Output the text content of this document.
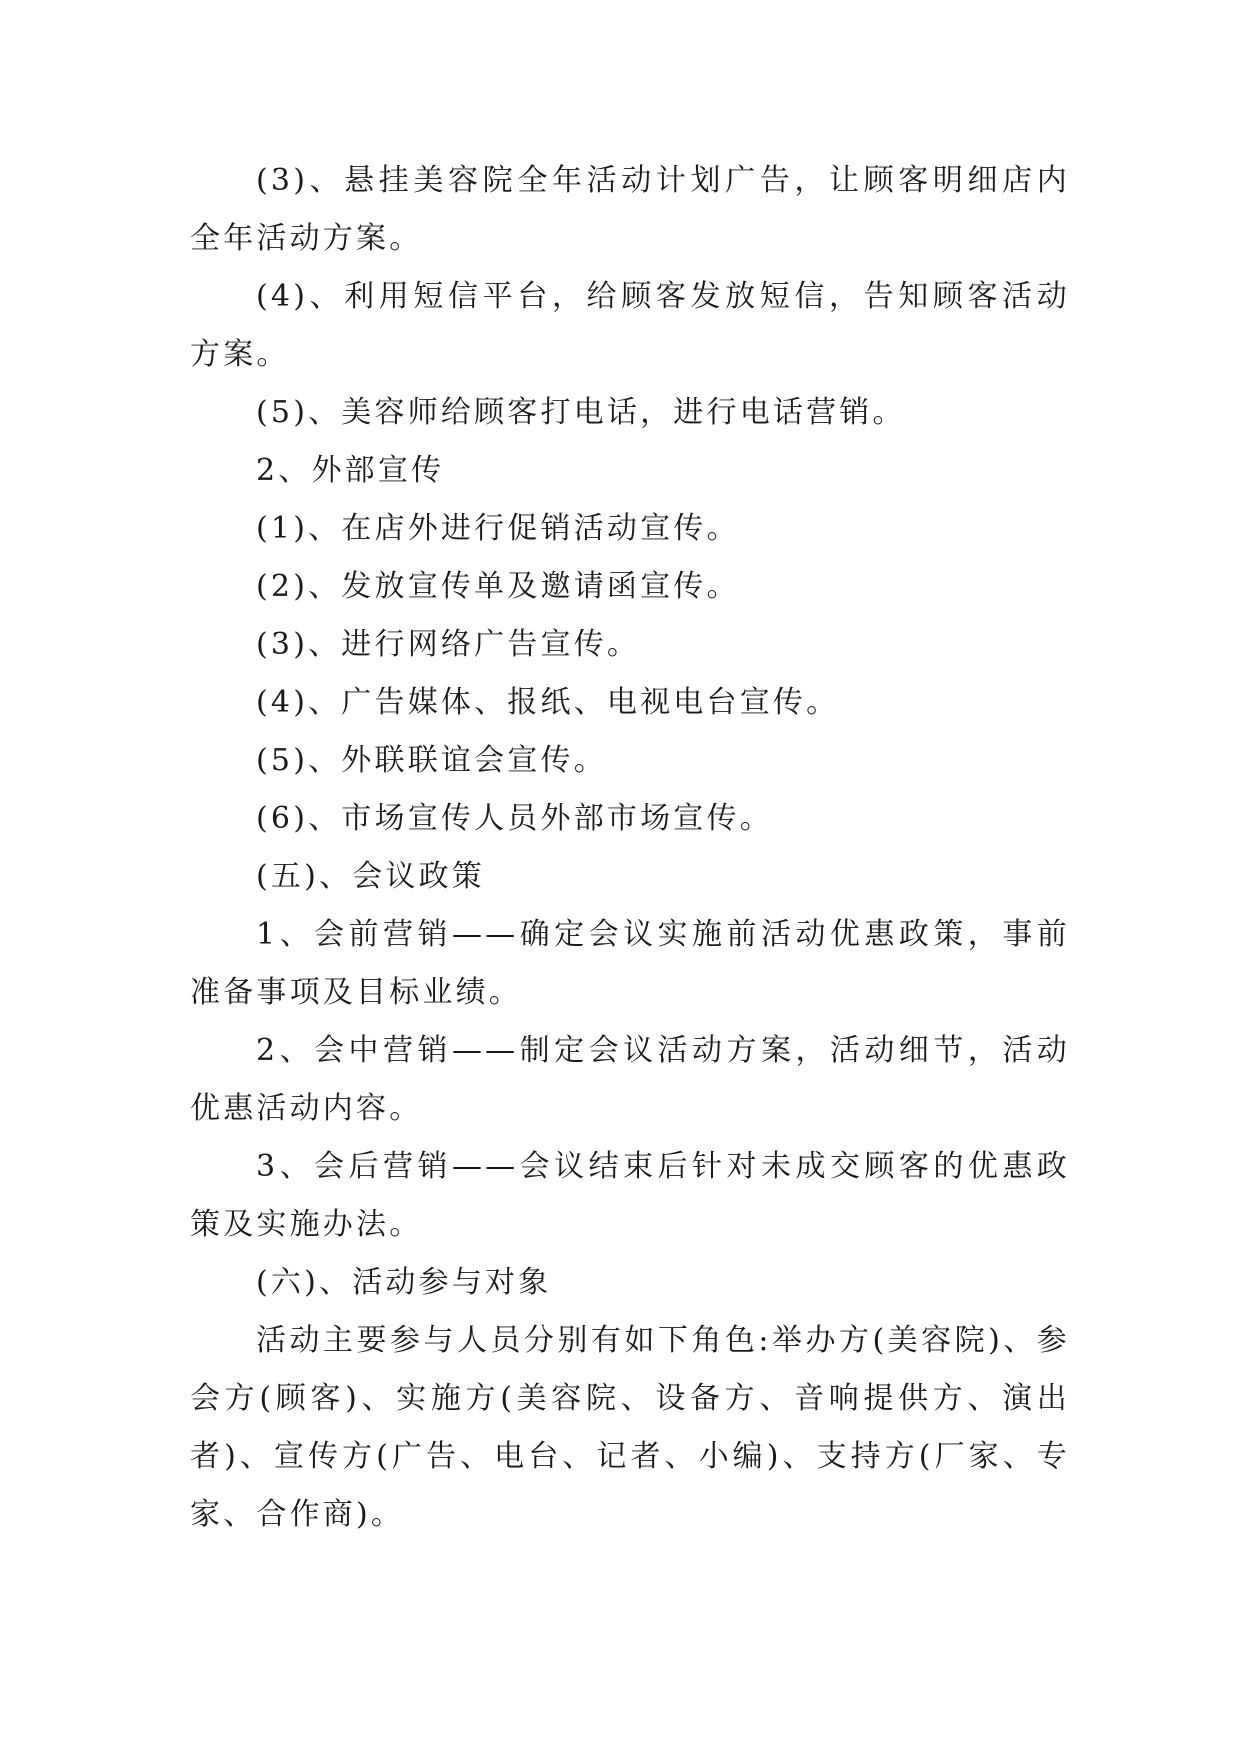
(3)、悬挂美容院全年活动计划广告，让顾客明细店内全年活动方案。

(4)、利用短信平台，给顾客发放短信，告知顾客活动方案。

(5)、美容师给顾客打电话，进行电话营销。

2、外部宣传

(1)、在店外进行促销活动宣传。

(2)、发放宣传单及邀请函宣传。

(3)、进行网络广告宣传。

(4)、广告媒体、报纸、电视电台宣传。

(5)、外联联谊会宣传。

(6)、市场宣传人员外部市场宣传。

(五)、会议政策

1、会前营销——确定会议实施前活动优惠政策，事前准备事项及目标业绩。

2、会中营销——制定会议活动方案，活动细节，活动优惠活动内容。

3、会后营销——会议结束后针对未成交顾客的优惠政策及实施办法。

(六)、活动参与对象

活动主要参与人员分别有如下角色:举办方(美容院)、参会方(顾客)、实施方(美容院、设备方、音响提供方、演出者)、宣传方(广告、电台、记者、小编)、支持方(厂家、专家、合作商)。
